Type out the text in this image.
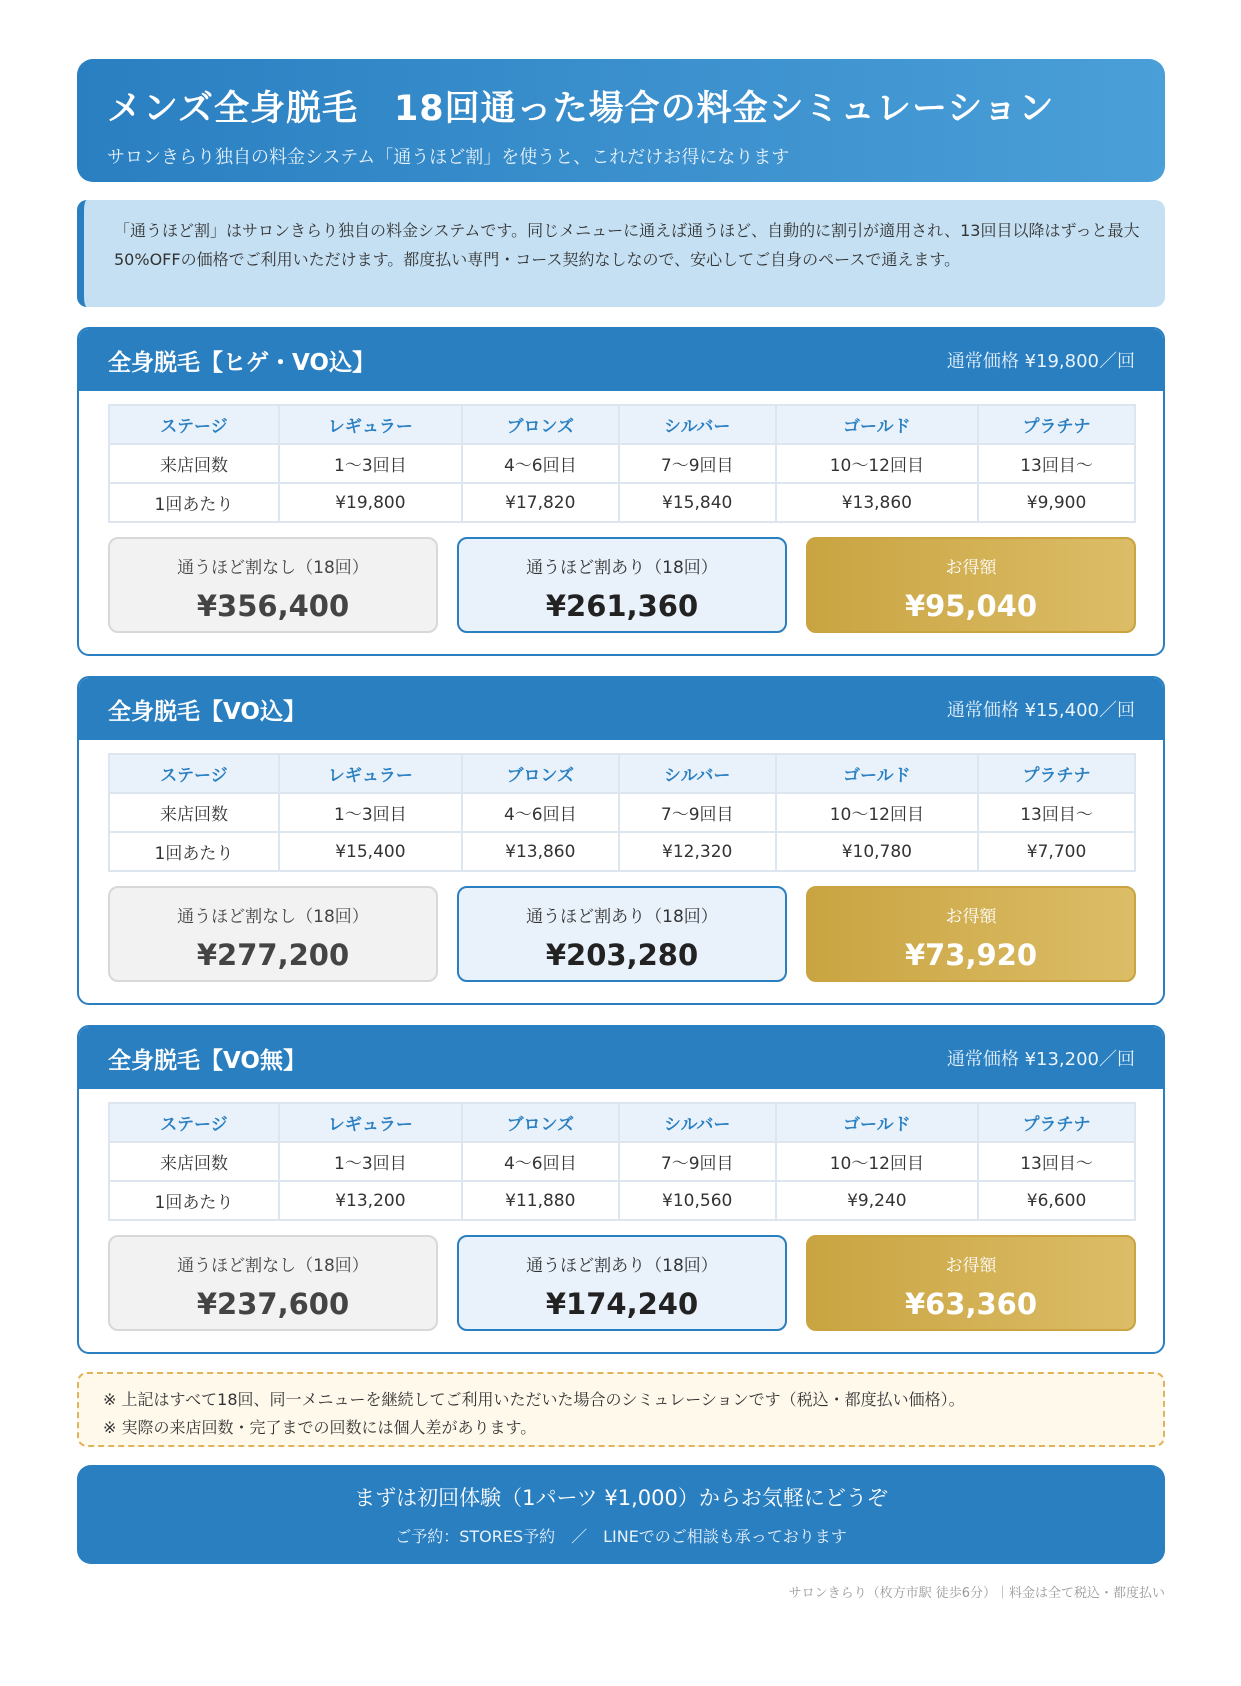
メンズ全身脱毛　18回通った場合の料金シミュレーション

サロンきらり独自の料金システム「通うほど割」を使うと、これだけお得になります

「通うほど割」はサロンきらり独自の料金システムです。同じメニューに通えば通うほど、自動的に割引が適用され、13回目以降はずっと最大50%OFFの価格でご利用いただけます。都度払い専門・コース契約なしなので、安心してご自身のペースで通えます。
全身脱毛【ヒゲ・VO込】	通常価格 ¥19,800／回
ステージ	レギュラー	ブロンズ	シルバー	ゴールド	プラチナ
来店回数	1〜3回目	4〜6回目	7〜9回目	10〜12回目	13回目〜
1回あたり	¥19,800	¥17,820	¥15,840	¥13,860	¥9,900
通うほど割なし（18回）
¥356,400
通うほど割あり（18回）
¥261,360
お得額
¥95,040
全身脱毛【VO込】	通常価格 ¥15,400／回
ステージ	レギュラー	ブロンズ	シルバー	ゴールド	プラチナ
来店回数	1〜3回目	4〜6回目	7〜9回目	10〜12回目	13回目〜
1回あたり	¥15,400	¥13,860	¥12,320	¥10,780	¥7,700
通うほど割なし（18回）
¥277,200
通うほど割あり（18回）
¥203,280
お得額
¥73,920
全身脱毛【VO無】	通常価格 ¥13,200／回
ステージ	レギュラー	ブロンズ	シルバー	ゴールド	プラチナ
来店回数	1〜3回目	4〜6回目	7〜9回目	10〜12回目	13回目〜
1回あたり	¥13,200	¥11,880	¥10,560	¥9,240	¥6,600
通うほど割なし（18回）
¥237,600
通うほど割あり（18回）
¥174,240
お得額
¥63,360
※ 上記はすべて18回、同一メニューを継続してご利用いただいた場合のシミュレーションです（税込・都度払い価格）。
※ 実際の来店回数・完了までの回数には個人差があります。
まずは初回体験（1パーツ ¥1,000）からお気軽にどうぞ
ご予約：STORES予約　／　LINEでのご相談も承っております
サロンきらり（枚方市駅 徒歩6分）｜料金は全て税込・都度払い
